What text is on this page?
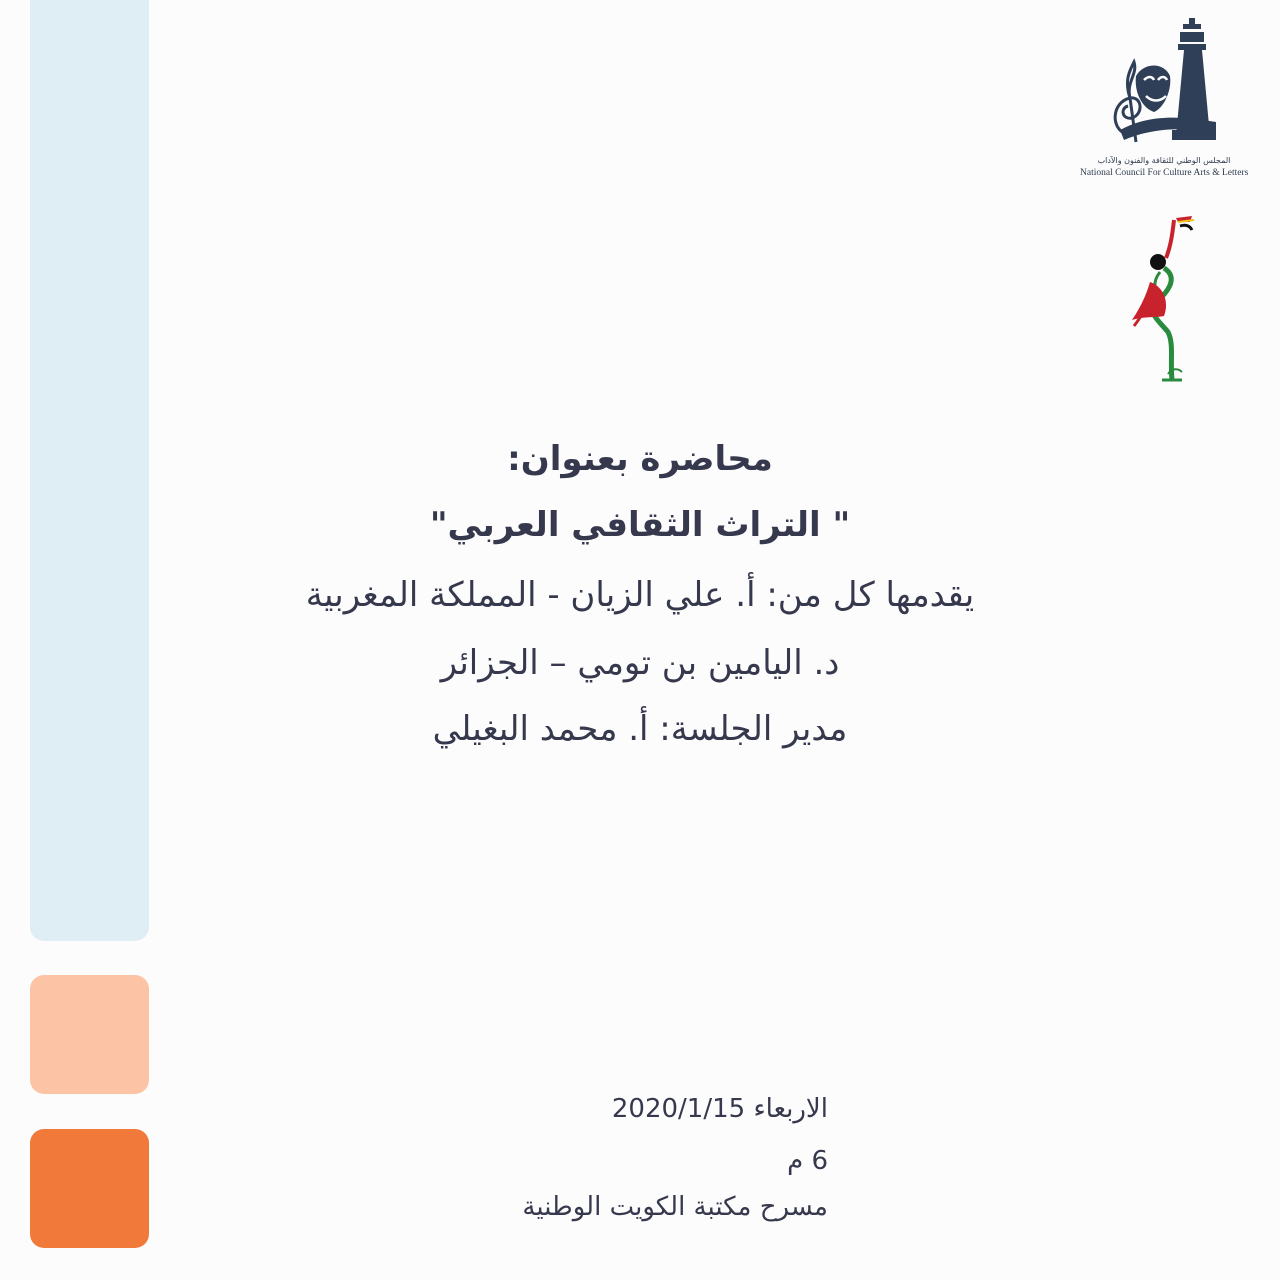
المجلس الوطني للثقافة والفنون والآداب
National Council For Culture Arts & Letters
محاضرة بعنوان:
" التراث الثقافي العربي"
يقدمها كل من: أ. علي الزيان - المملكة المغربية
د. اليامين بن تومي – الجزائر
مدير الجلسة: أ. محمد البغيلي
الاربعاء 2020/1/15
6 م
مسرح مكتبة الكويت الوطنية
